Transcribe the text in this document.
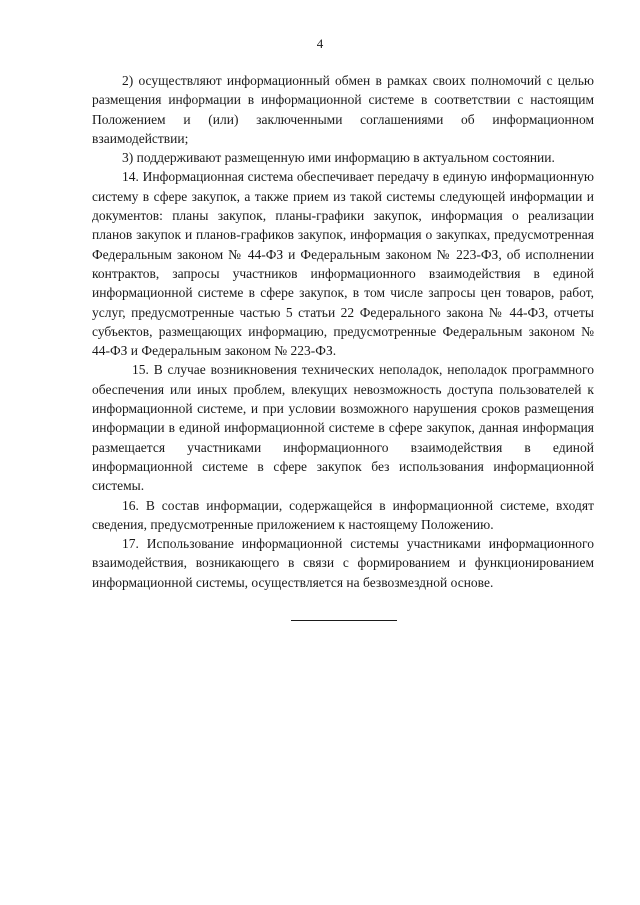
4

2) осуществляют информационный обмен в рамках своих полномочий с целью размещения информации в информационной системе в соответствии с настоящим Положением и (или) заключенными соглашениями об информационном взаимодействии;

3) поддерживают размещенную ими информацию в актуальном состоянии.

14. Информационная система обеспечивает передачу в единую информационную систему в сфере закупок, а также прием из такой системы следующей информации и документов: планы закупок, планы-графики закупок, информация о реализации планов закупок и планов-графиков закупок, информация о закупках, предусмотренная Федеральным законом № 44-ФЗ и Федеральным законом № 223-ФЗ, об исполнении контрактов, запросы участников информационного взаимодействия в единой информационной системе в сфере закупок, в том числе запросы цен товаров, работ, услуг, предусмотренные частью 5 статьи 22 Федерального закона № 44-ФЗ, отчеты субъектов, размещающих информацию, предусмотренные Федеральным законом № 44-ФЗ и Федеральным законом № 223-ФЗ.

15. В случае возникновения технических неполадок, неполадок программного обеспечения или иных проблем, влекущих невозможность доступа пользователей к информационной системе, и при условии возможного нарушения сроков размещения информации в единой информационной системе в сфере закупок, данная информация размещается участниками информационного взаимодействия в единой информационной системе в сфере закупок без использования информационной системы.

16. В состав информации, содержащейся в информационной системе, входят сведения, предусмотренные приложением к настоящему Положению.

17. Использование информационной системы участниками информационного взаимодействия, возникающего в связи с формированием и функционированием информационной системы, осуществляется на безвозмездной основе.
